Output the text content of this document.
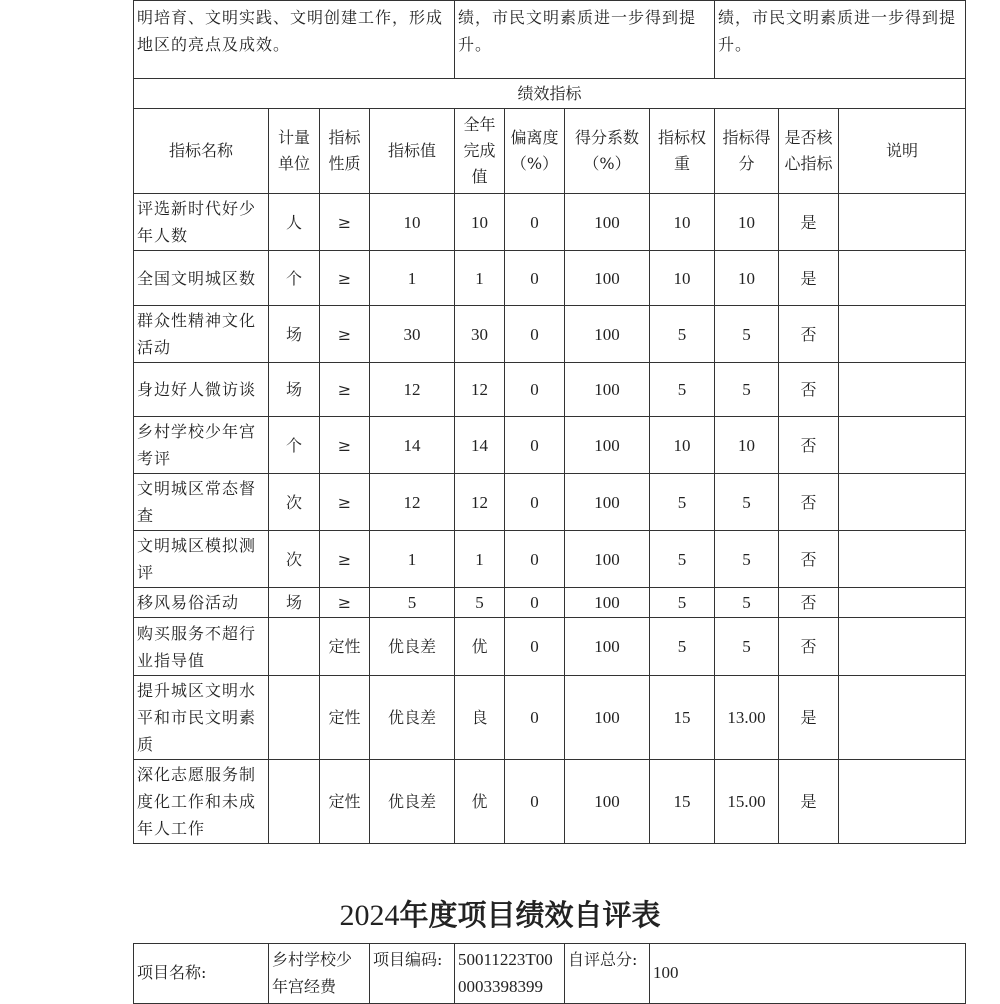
明培育、文明实践、文明创建工作，形成地区的亮点及成效。				绩，市民文明素质进一步得到提升。				绩，市民文明素质进一步得到提升。		
绩效指标										
指标名称	计量单位	指标性质	指标值	全年完成值	偏离度（%）	得分系数（%）	指标权重	指标得分	是否核心指标	说明
评选新时代好少年人数	人	≥	10	10	0	100	10	10	是	
全国文明城区数	个	≥	1	1	0	100	10	10	是	
群众性精神文化活动	场	≥	30	30	0	100	5	5	否	
身边好人微访谈	场	≥	12	12	0	100	5	5	否	
乡村学校少年宫考评	个	≥	14	14	0	100	10	10	否	
文明城区常态督查	次	≥	12	12	0	100	5	5	否	
文明城区模拟测评	次	≥	1	1	0	100	5	5	否	
移风易俗活动	场	≥	5	5	0	100	5	5	否	
购买服务不超行业指导值		定性	优良差	优	0	100	5	5	否	
提升城区文明水平和市民文明素质		定性	优良差	良	0	100	15	13.00	是	
深化志愿服务制度化工作和未成年人工作		定性	优良差	优	0	100	15	15.00	是	
2024年度项目绩效自评表
项目名称:	乡村学校少年宫经费	项目编码:	50011223T000003398399	自评总分:	100
